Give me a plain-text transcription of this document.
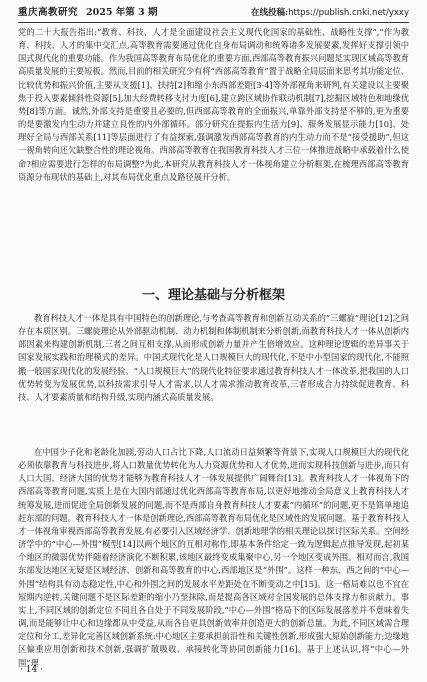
重庆高教研究 2025 年第 3 期	在线投稿:https://publish.cnki.net/yxxy

党的二十大报告指出:“教育、科技、人才是全面建设社会主义现代化国家的基础性、战略性支撑”,“作为教育、科技、人才的集中交汇点,高等教育需要通过优化自身布局调动和统筹诸多发展要素,发挥好支撑引领中国式现代化的重要功能。作为我国高等教育布局优化的重要方面,西部高等教育振兴问题是实现区域高等教育高质量发展的主要短板。然而,目前的相关研究少有将“西部高等教育”置于战略全局层面来思考其功能定位、比较优势和振兴价值,主要从支援[1]、扶持[2]和缩小东西部差距[3-4]等外部视角来研判,有关建设以主要聚焦于投入要素倾斜性资源[5],加大经费转移支付力度[6],建立跨区域协作联动机制[7],挖掘区域特色和地缘优势[8]等方面。诚然,外部支持是重要且必要的,但西部高等教育的全面振兴,单靠外部支持是不够的,更为重要的是要激发内生动力并建立良性的内外部循环。部分研究在提振内生活力[9]、服务发展显示能力[10]、处理好全局与西部关系[11]等层面进行了有益探索,强调激发西部高等教育的内生动力而不是“接受援助”,但这一视角转向还欠缺整合性的理论视角。西部高等教育在我国教育科技人才三位一体推进战略中承载着什么使命?相应需要进行怎样的布局调整?为此,本研究从教育科技人才一体视角建立分析框架,在梳理西部高等教育资源分布现状的基础上,对其布局优化重点及路径展开分析。

一、理论基础与分析框架

教育科技人才一体是具有中国特色的创新理论,与考查高等教育和创新互动关系的“三螺旋”理论[12]之间存在本质区别。三螺旋理论从外部驱动机制、动力机制和体制机制来分析创新,而教育科技人才一体从创新内部因素来构建创新机制,三者之间互相支撑,从而形成创新力量并产生倍增效应。这种理论逻辑的差异事关于国家发展实践和治理模式的差异。中国式现代化是人口规模巨大的现代化,不是中小型国家的现代化,不能照搬一般国家现代化的发展经验。“人口规模巨大”的现代化特征要求通过教育科技人才一体改革,把我国的人口优势转变为发展优势,以科技需求引导人才需求,以人才需求推动教育改革,三者形成合力持续促进教育、科技、人才要素质量和结构升级,实现内涵式高质量发展。

在中国少子化和老龄化加剧,劳动人口占比下降,人口流动日益频繁等背景下,实现人口规模巨大的现代化必须依靠教育与科技进步,将人口数量优势转化为人力资源优势和人才优势,进而实现科技创新与进步,而只有人口大国、经济大国的优势才能够为教育科技人才一体发展提供广阔舞台[13]。教育科技人才一体视角下的西部高等教育问题,实质上是在大国内部通过优化西部高等教育布局,以更好地推动全局意义上教育科技人才统筹发展,进而促进全局创新发展的问题,而不是西部自身教育科技人才要素“内循环”的问题,更不是简单地追赶东部的问题。教育科技人才一体是创新理论,西部高等教育布局优化是区域性的发展问题。基于教育科技人才一体视角审视西部高等教育发展,有必要引入区域经济学、创新地理学的相关理论以探讨区际关系。空间经济学中的“中心—外围”模型[14]以两个地区的互相对称作,即基本条件给定一致为逻辑起点推导发现,起初某个地区的微弱优势伴随着经济演化不断积累,该地区最终变成集聚中心,另一个地区变成外围。相对而言,我国东部发达地区无疑是区域经济、创新和高等教育的中心,西部地区是“外围”。这样一种东、西之间的“中心—外围”结构具有动态稳定性,中心和外围之间的发展水平差距处在不断变动之中[15]。这一格局难以也不宜在短期内逆转,关键问题不是区际差距的缩小乃至抹除,而是提高各区域对全国发展的总体支撑力和贡献力。事实上,不同区域的创新定位不同且各自处于不同发展阶段,“中心—外围”格局下的区际发展落差并不意味着失调,而是能够让中心和边缘都从中受益,从而各自更具创新效率并创造更大的创新总量。为此,不同区域需合理定位和分工,差异化完善区域创新系统:中心地区主要承担前沿性和关键性创新,形成强大原始创新能力;边缘地区偏重应用创新和技术创新,强调扩散吸收、承接转化等协同创新能力[16]。基于上述认识,将“中心—外围”理

· 14 ·
